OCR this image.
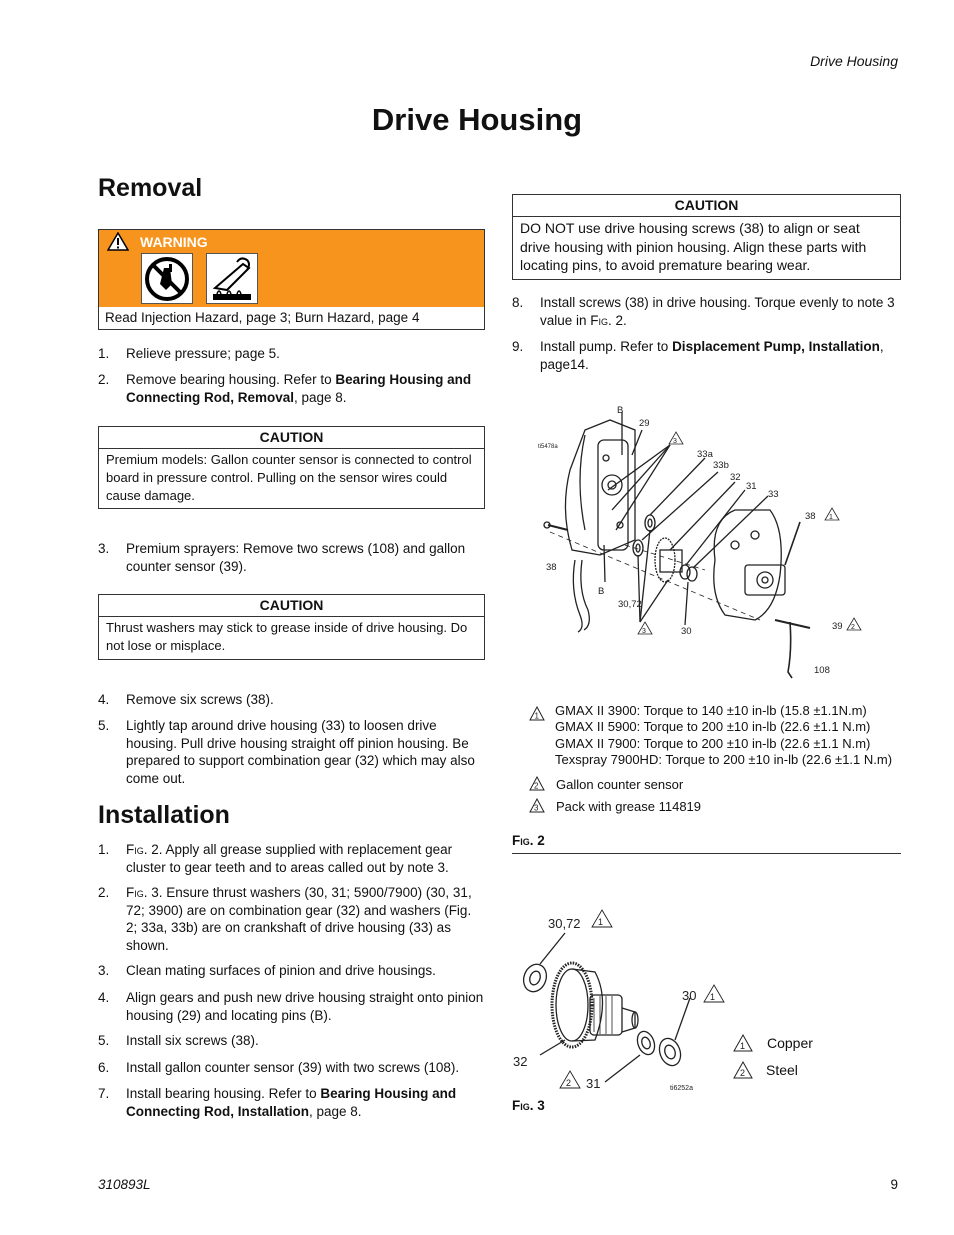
Drive Housing
Drive Housing
Removal
WARNING
Read Injection Hazard, page 3; Burn Hazard, page 4
1. Relieve pressure; page 5.
2. Remove bearing housing. Refer to Bearing Housing and Connecting Rod, Removal, page 8.
CAUTION
Premium models: Gallon counter sensor is connected to control board in pressure control. Pulling on the sensor wires could cause damage.
3. Premium sprayers: Remove two screws (108) and gallon counter sensor (39).
CAUTION
Thrust washers may stick to grease inside of drive housing. Do not lose or misplace.
4. Remove six screws (38).
5. Lightly tap around drive housing (33) to loosen drive housing. Pull drive housing straight off pinion housing. Be prepared to support combination gear (32) which may also come out.
Installation
1. Fig. 2. Apply all grease supplied with replacement gear cluster to gear teeth and to areas called out by note 3.
2. Fig. 3. Ensure thrust washers (30, 31; 5900/7900) (30, 31, 72; 3900) are on combination gear (32) and washers (Fig. 2; 33a, 33b) are on crankshaft of drive housing (33) as shown.
3. Clean mating surfaces of pinion and drive housings.
4. Align gears and push new drive housing straight onto pinion housing (29) and locating pins (B).
5. Install six screws (38).
6. Install gallon counter sensor (39) with two screws (108).
7. Install bearing housing. Refer to Bearing Housing and Connecting Rod, Installation, page 8.
CAUTION
DO NOT use drive housing screws (38) to align or seat drive housing with pinion housing. Align these parts with locating pins, to avoid premature bearing wear.
8. Install screws (38) in drive housing. Torque evenly to note 3 value in Fig. 2.
9. Install pump. Refer to Displacement Pump, Installation, page14.
B
29
3
33a
33b
32
31
33
38 1
38
B
30,72
3	30	39 2
108
ti5478a
1 GMAX II 3900: Torque to 140 ±10 in-lb (15.8 ±1.1N.m)
GMAX II 5900: Torque to 200 ±10 in-lb (22.6 ±1.1 N.m)
GMAX II 7900: Torque to 200 ±10 in-lb (22.6 ±1.1 N.m)
Texspray 7900HD: Torque to 200 ±10 in-lb (22.6 ±1.1 N.m)
2 Gallon counter sensor
3 Pack with grease 114819
Fig. 2
30,72 1
30 1
32
2 31	ti6252a
1 Copper
2 Steel
Fig. 3
310893L	9
